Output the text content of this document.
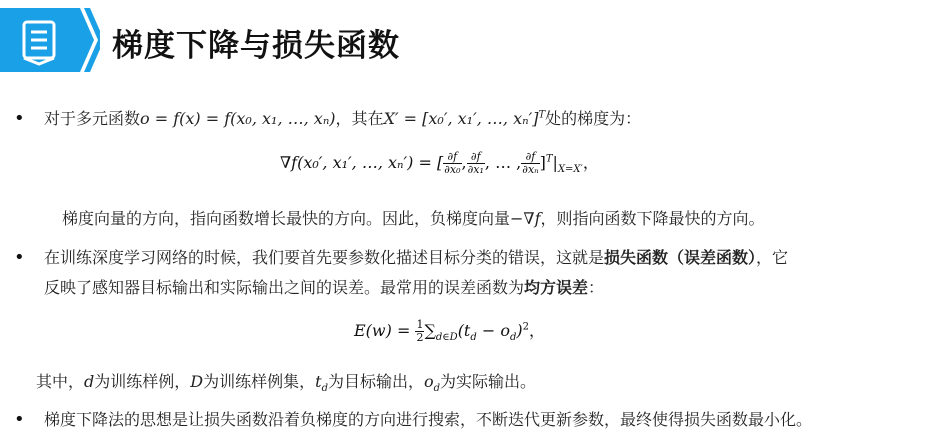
梯度下降与损失函数
• 对于多元函数o = f(x) = f(x₀, x₁, …, xₙ)，其在X′ = [x₀′, x₁′, …, xₙ′]$^T$处的梯度为：
∇f(x₀′, x₁′, …, xₙ′) = [ $\frac{\partial f}{\text{∂x₀}}$ , $\frac{\partial f}{\text{∂x₁}}$ , … , $\frac{\partial f}{\text{∂xₙ}} ]^T|_{X=X'}$，
梯度向量的方向，指向函数增长最快的方向。因此，负梯度向量−∇f，则指向函数下降最快的方向。
• 在训练深度学习网络的时候，我们要首先要参数化描述目标分类的错误，这就是损失函数（误差函数），它
反映了感知器目标输出和实际输出之间的误差。最常用的误差函数为均方误差：
$E(w) = \frac{1}{2} \sum_{d\in D}(t_d - o_d)^2$，
其中，d为训练样例，D为训练样例集，$t_d$为目标输出，$o_d$为实际输出。
• 梯度下降法的思想是让损失函数沿着负梯度的方向进行搜索，不断迭代更新参数，最终使得损失函数最小化。
